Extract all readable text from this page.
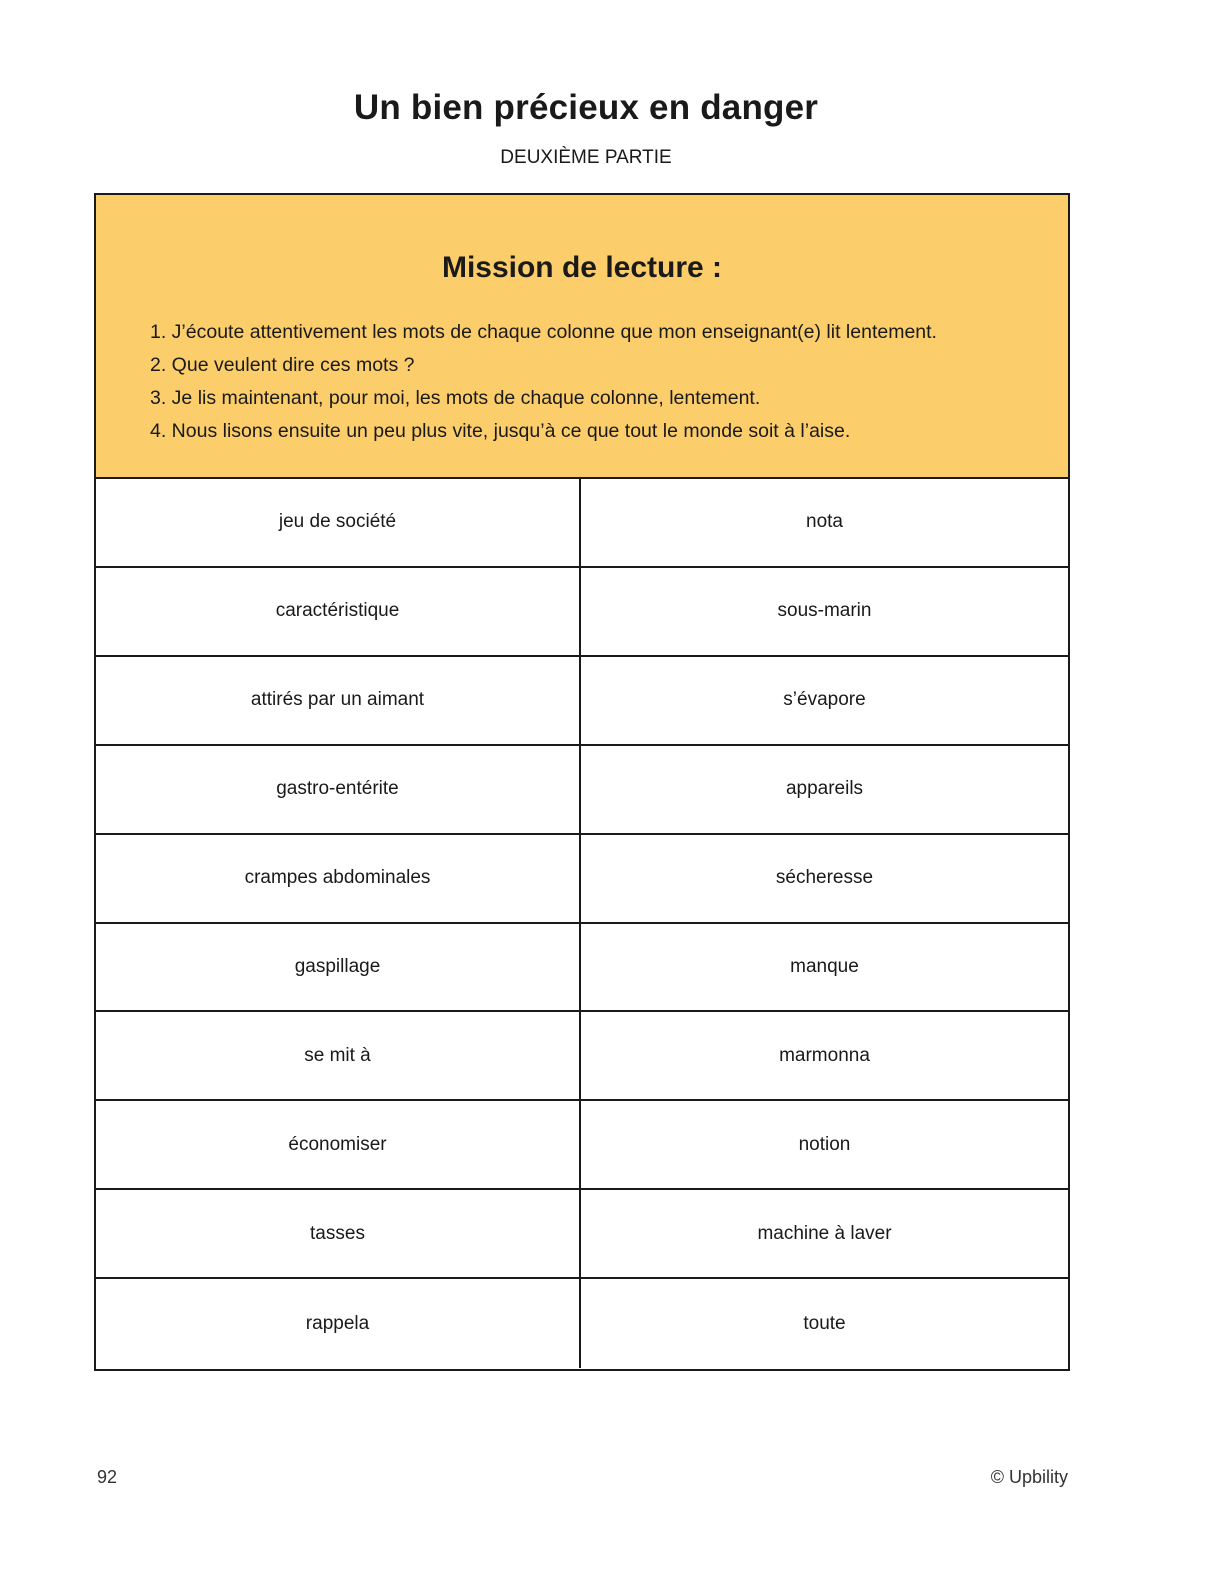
Un bien précieux en danger
DEUXIÈME PARTIE
Mission de lecture :
1. J’écoute attentivement les mots de chaque colonne que mon enseignant(e) lit lentement.
2. Que veulent dire ces mots ?
3. Je lis maintenant, pour moi, les mots de chaque colonne, lentement.
4. Nous lisons ensuite un peu plus vite, jusqu’à ce que tout le monde soit à l’aise.
jeu de société	nota
caractéristique	sous-marin
attirés par un aimant	s’évapore
gastro-entérite	appareils
crampes abdominales	sécheresse
gaspillage	manque
se mit à	marmonna
économiser	notion
tasses	machine à laver
rappela	toute
92	© Upbility
